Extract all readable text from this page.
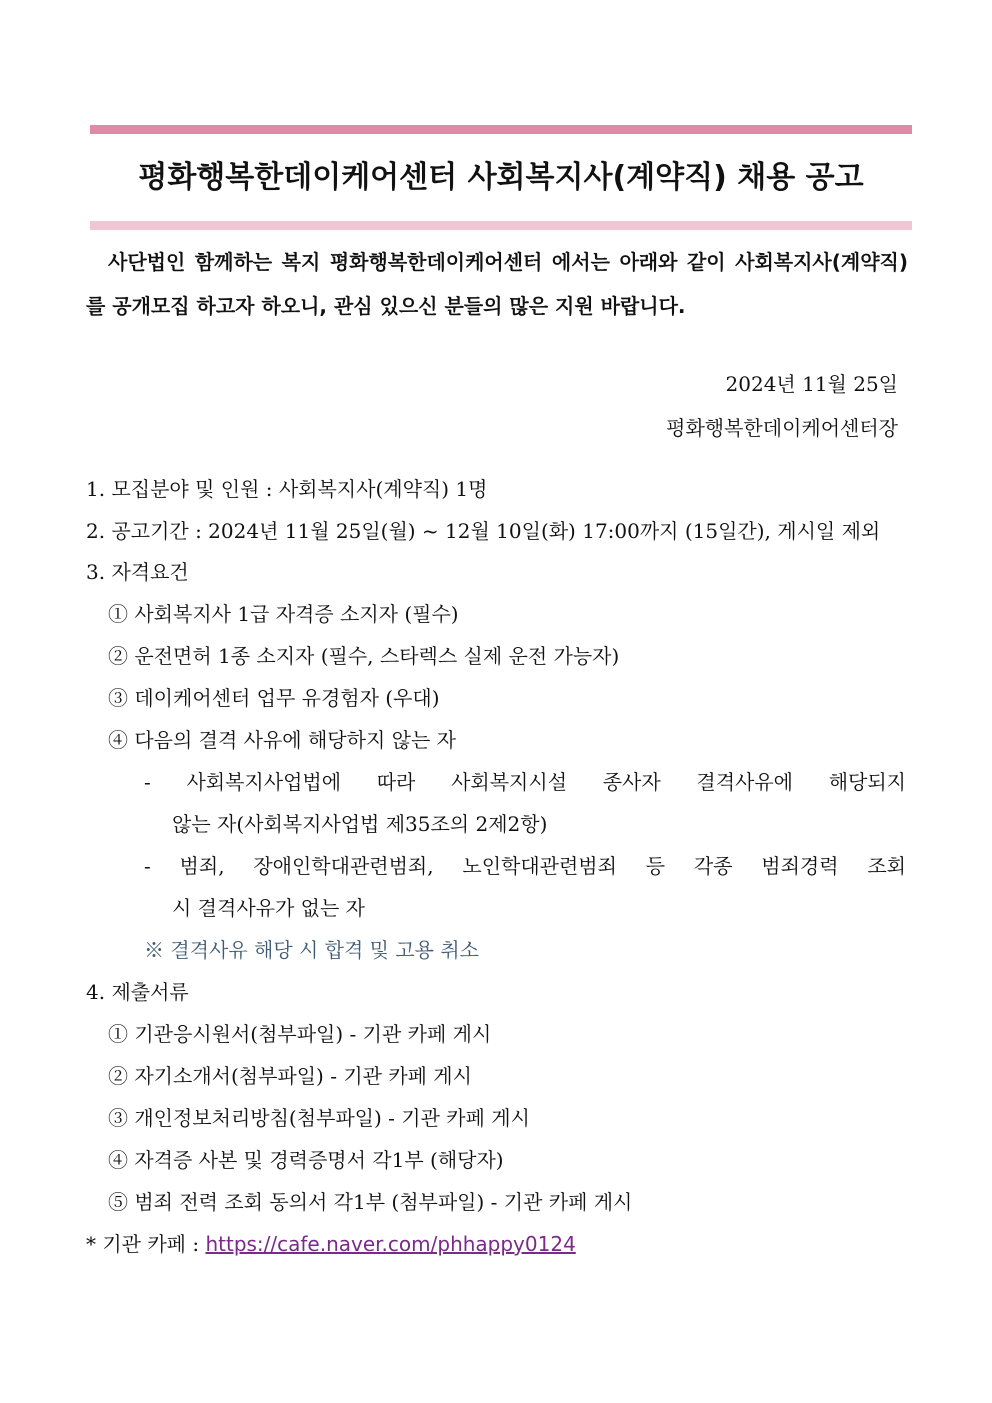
평화행복한데이케어센터 사회복지사(계약직) 채용 공고
사단법인 함께하는 복지 평화행복한데이케어센터 에서는 아래와 같이 사회복지사(계약직)를 공개모집 하고자 하오니, 관심 있으신 분들의 많은 지원 바랍니다.
2024년 11월 25일
평화행복한데이케어센터장
1. 모집분야 및 인원 : 사회복지사(계약직) 1명
2. 공고기간 : 2024년 11월 25일(월) ~ 12월 10일(화) 17:00까지 (15일간), 게시일 제외
3. 자격요건
① 사회복지사 1급 자격증 소지자 (필수)
② 운전면허 1종 소지자 (필수, 스타렉스 실제 운전 가능자)
③ 데이케어센터 업무 유경험자 (우대)
④ 다음의 결격 사유에 해당하지 않는 자
- 사회복지사업법에 따라 사회복지시설 종사자 결격사유에 해당되지
않는 자(사회복지사업법 제35조의 2제2항)
- 범죄, 장애인학대관련범죄, 노인학대관련범죄 등 각종 범죄경력 조회
시 결격사유가 없는 자
※ 결격사유 해당 시 합격 및 고용 취소
4. 제출서류
① 기관응시원서(첨부파일) - 기관 카페 게시
② 자기소개서(첨부파일) - 기관 카페 게시
③ 개인정보처리방침(첨부파일) - 기관 카페 게시
④ 자격증 사본 및 경력증명서 각1부 (해당자)
⑤ 범죄 전력 조회 동의서 각1부 (첨부파일) - 기관 카페 게시
* 기관 카페 : https://cafe.naver.com/phhappy0124
